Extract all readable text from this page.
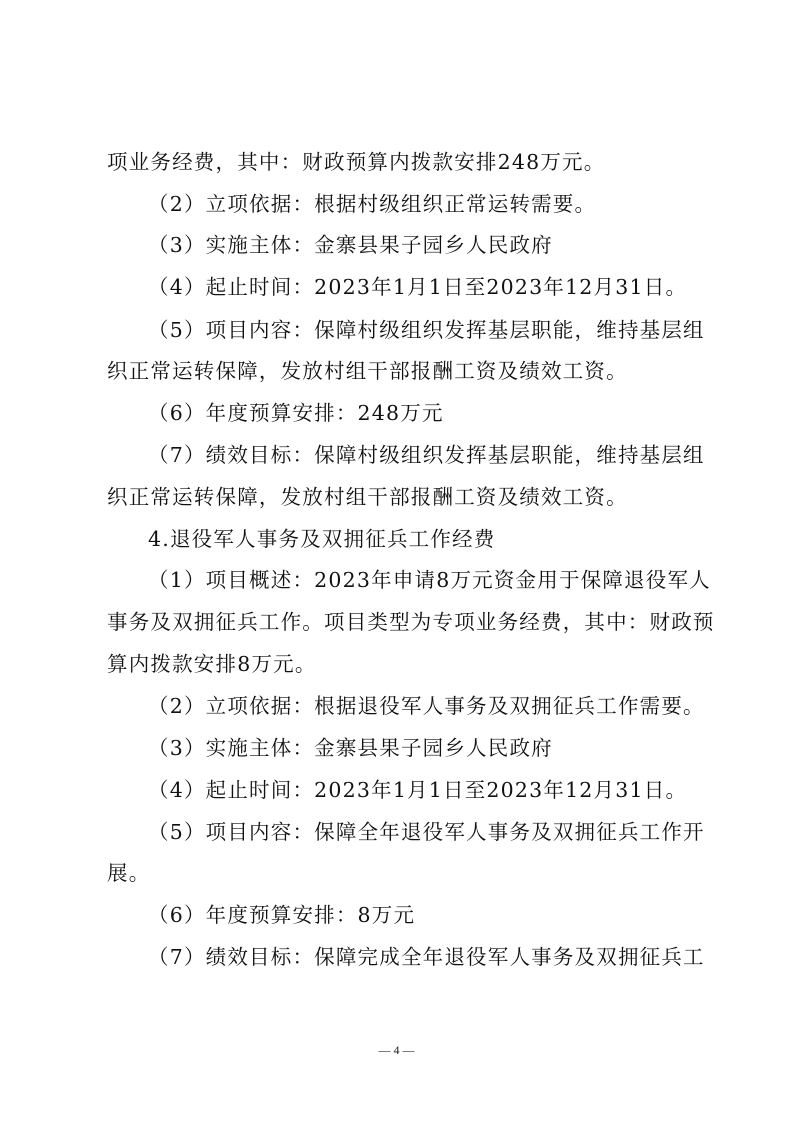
项业务经费，其中：财政预算内拨款安排248万元。
（2）立项依据：根据村级组织正常运转需要。
（3）实施主体：金寨县果子园乡人民政府
（4）起止时间：2023年1月1日至2023年12月31日。
（5）项目内容：保障村级组织发挥基层职能，维持基层组
织正常运转保障，发放村组干部报酬工资及绩效工资。
（6）年度预算安排：248万元
（7）绩效目标：保障村级组织发挥基层职能，维持基层组
织正常运转保障，发放村组干部报酬工资及绩效工资。
4.退役军人事务及双拥征兵工作经费
（1）项目概述：2023年申请8万元资金用于保障退役军人
事务及双拥征兵工作。项目类型为专项业务经费，其中：财政预
算内拨款安排8万元。
（2）立项依据：根据退役军人事务及双拥征兵工作需要。
（3）实施主体：金寨县果子园乡人民政府
（4）起止时间：2023年1月1日至2023年12月31日。
（5）项目内容：保障全年退役军人事务及双拥征兵工作开
展。
（6）年度预算安排：8万元
（7）绩效目标：保障完成全年退役军人事务及双拥征兵工
— 4 —
